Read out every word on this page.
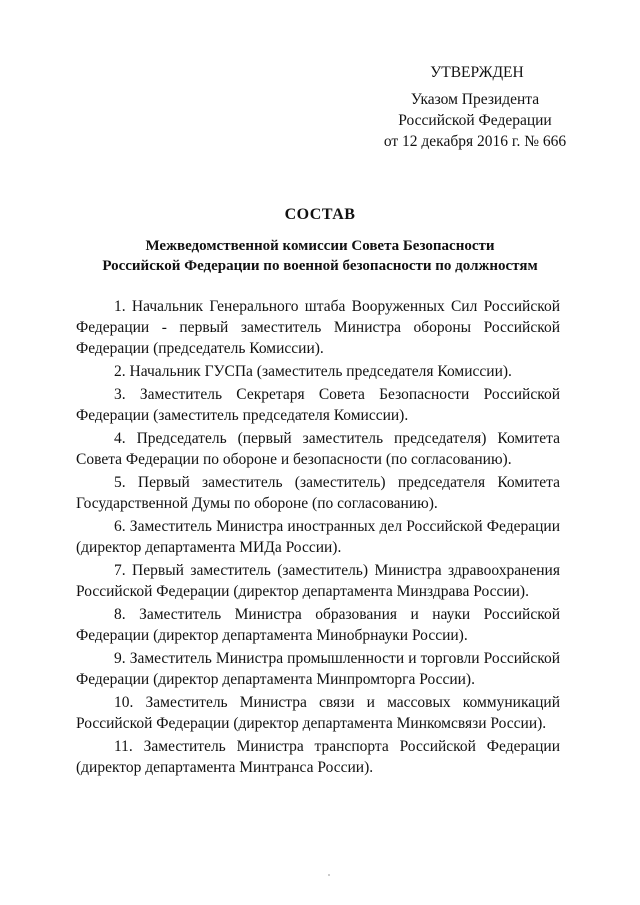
УТВЕРЖДЕН
Указом Президента
Российской Федерации
от 12 декабря 2016 г. № 666
СОСТАВ
Межведомственной комиссии Совета Безопасности
Российской Федерации по военной безопасности по должностям
1. Начальник Генерального штаба Вооруженных Сил Российской Федерации - первый заместитель Министра обороны Российской Федерации (председатель Комиссии).
2. Начальник ГУСПа (заместитель председателя Комиссии).
3. Заместитель Секретаря Совета Безопасности Российской Федерации (заместитель председателя Комиссии).
4. Председатель (первый заместитель председателя) Комитета Совета Федерации по обороне и безопасности (по согласованию).
5. Первый заместитель (заместитель) председателя Комитета Государственной Думы по обороне (по согласованию).
6. Заместитель Министра иностранных дел Российской Федерации (директор департамента МИДа России).
7. Первый заместитель (заместитель) Министра здравоохранения Российской Федерации (директор департамента Минздрава России).
8. Заместитель Министра образования и науки Российской Федерации (директор департамента Минобрнауки России).
9. Заместитель Министра промышленности и торговли Российской Федерации (директор департамента Минпромторга России).
10. Заместитель Министра связи и массовых коммуникаций Российской Федерации (директор департамента Минкомсвязи России).
11. Заместитель Министра транспорта Российской Федерации (директор департамента Минтранса России).
